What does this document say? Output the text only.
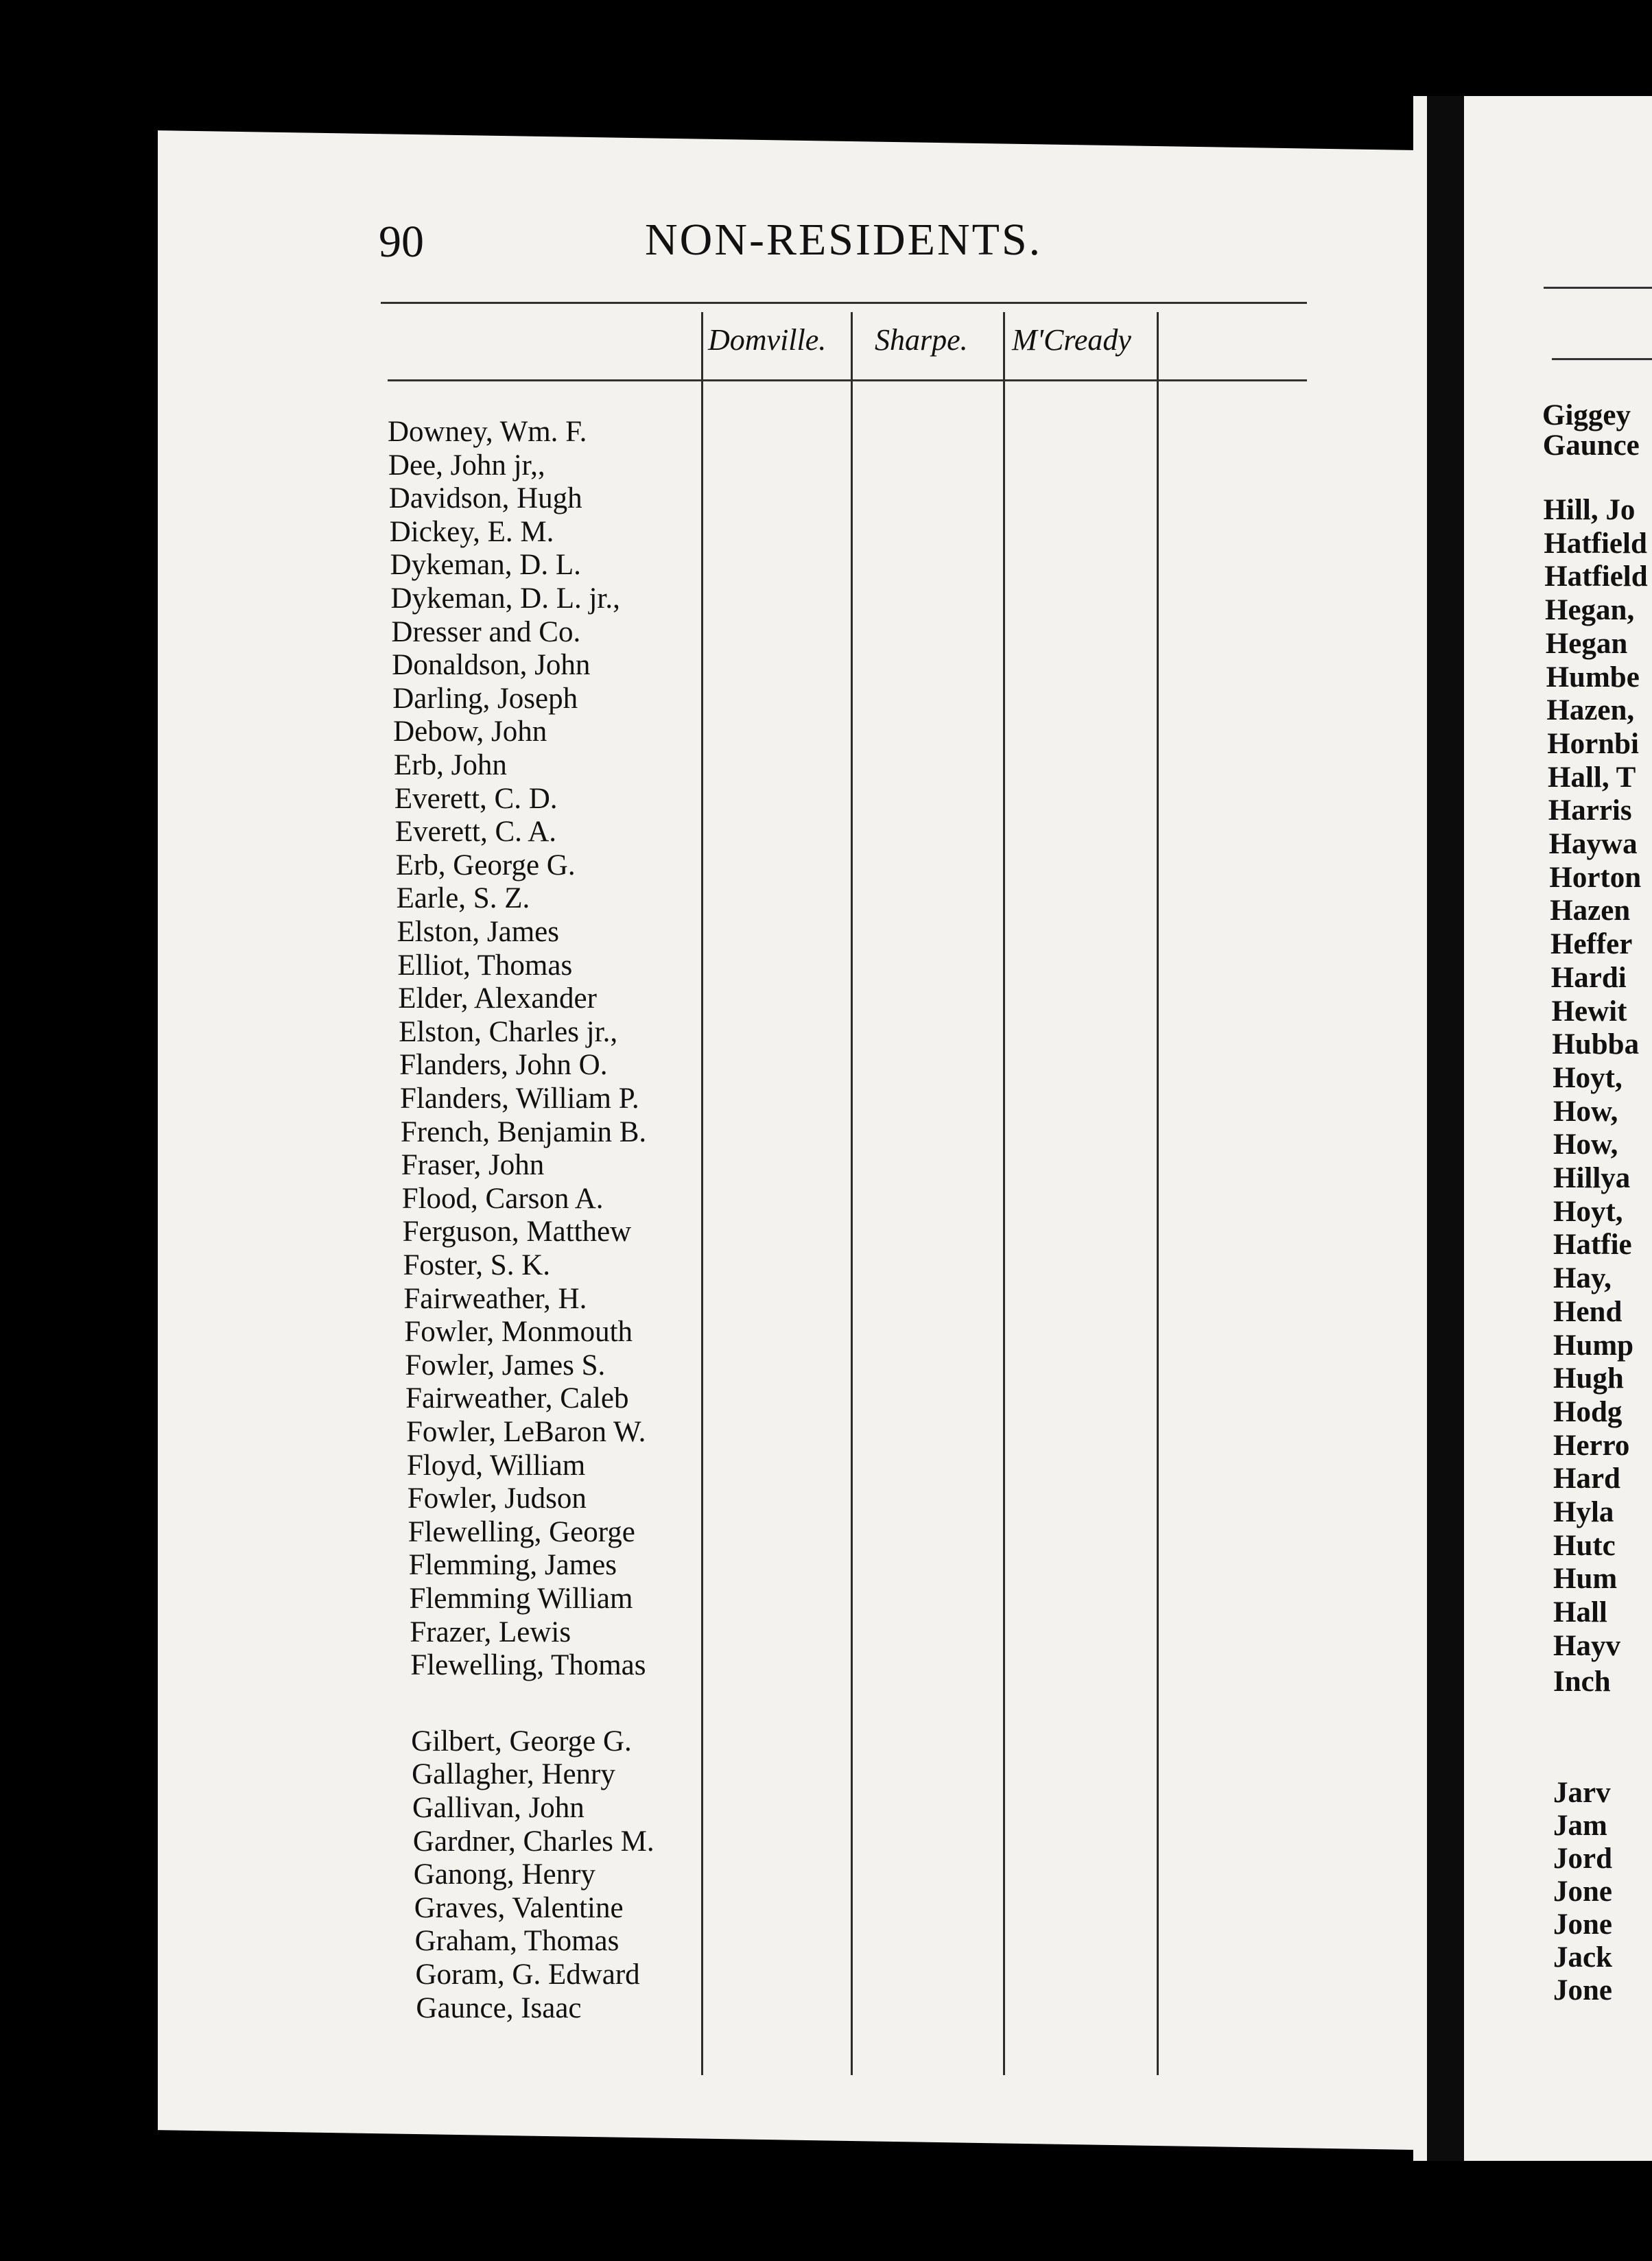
90	NON-RESIDENTS.
Domville. Sharpe. M'Cready
Downey, Wm. F.
Dee, John jr,,
Davidson, Hugh
Dickey, E. M.
Dykeman, D. L.
Dykeman, D. L. jr.,
Dresser and Co.
Donaldson, John
Darling, Joseph
Debow, John
Erb, John
Everett, C. D.
Everett, C. A.
Erb, George G.
Earle, S. Z.
Elston, James
Elliot, Thomas
Elder, Alexander
Elston, Charles jr.,
Flanders, John O.
Flanders, William P.
French, Benjamin B.
Fraser, John
Flood, Carson A.
Ferguson, Matthew
Foster, S. K.
Fairweather, H.
Fowler, Monmouth
Fowler, James S.
Fairweather, Caleb
Fowler, LeBaron W.
Floyd, William
Fowler, Judson
Flewelling, George
Flemming, James
Flemming William
Frazer, Lewis
Flewelling, Thomas
Gilbert, George G.
Gallagher, Henry
Gallivan, John
Gardner, Charles M.
Ganong, Henry
Graves, Valentine
Graham, Thomas
Goram, G. Edward
Gaunce, Isaac
Giggey
Gaunce
Hill, Jo
Hatfield
Hatfield
Hegan,
Hegan
Humbe
Hazen,
Hornbi
Hall, T
Harris
Haywa
Horton
Hazen
Heffer
Hardi
Hewit
Hubba
Hoyt,
How,
How,
Hillya
Hoyt,
Hatfie
Hay,
Hend
Hump
Hugh
Hodg
Herro
Hard
Hyla
Hutc
Hum
Hall
Hayv
Inch
Jarv
Jam
Jord
Jone
Jone
Jack
Jone
